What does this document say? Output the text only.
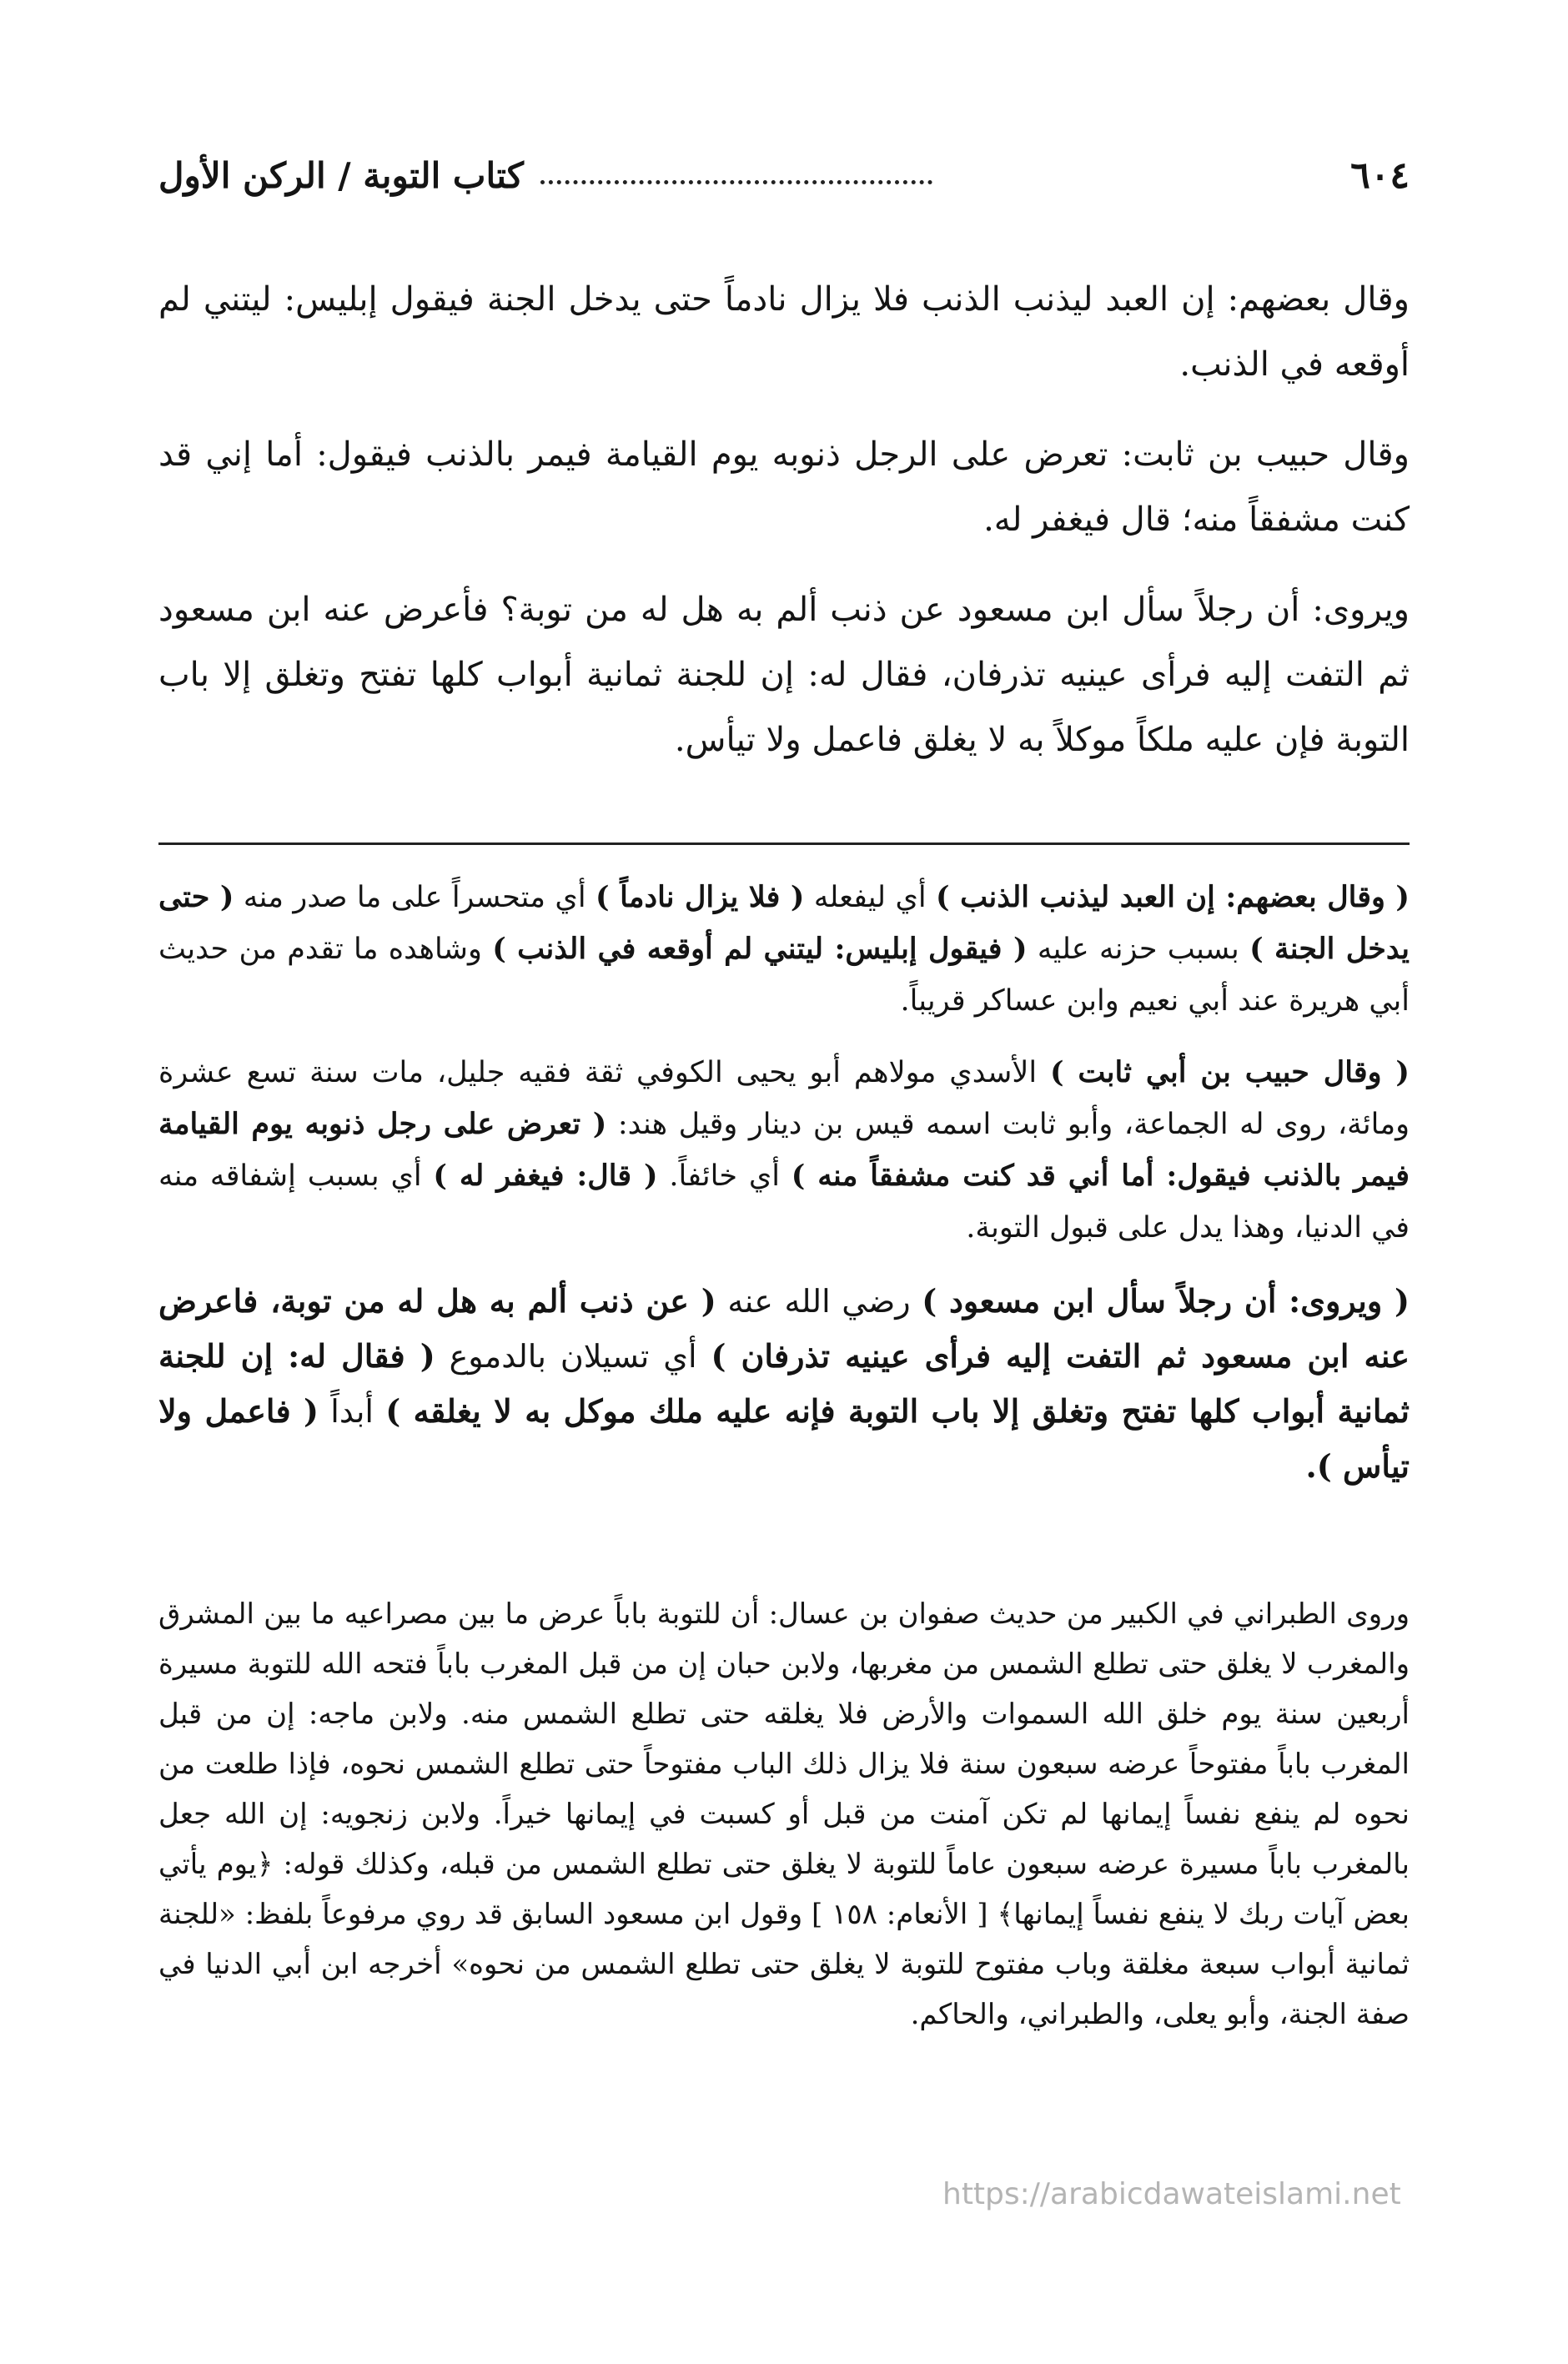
٦٠٤
كتاب التوبة / الركن الأول

وقال بعضهم: إن العبد ليذنب الذنب فلا يزال نادماً حتى يدخل الجنة فيقول إبليس: ليتني لم أوقعه في الذنب.

وقال حبيب بن ثابت: تعرض على الرجل ذنوبه يوم القيامة فيمر بالذنب فيقول: أما إني قد كنت مشفقاً منه؛ قال فيغفر له.

ويروى: أن رجلاً سأل ابن مسعود عن ذنب ألم به هل له من توبة؟ فأعرض عنه ابن مسعود ثم التفت إليه فرأى عينيه تذرفان، فقال له: إن للجنة ثمانية أبواب كلها تفتح وتغلق إلا باب التوبة فإن عليه ملكاً موكلاً به لا يغلق فاعمل ولا تيأس.

( وقال بعضهم: إن العبد ليذنب الذنب ) أي ليفعله ( فلا يزال نادماً ) أي متحسراً على ما صدر منه ( حتى يدخل الجنة ) بسبب حزنه عليه ( فيقول إبليس: ليتني لم أوقعه في الذنب ) وشاهده ما تقدم من حديث أبي هريرة عند أبي نعيم وابن عساكر قريباً.

( وقال حبيب بن أبي ثابت ) الأسدي مولاهم أبو يحيى الكوفي ثقة فقيه جليل، مات سنة تسع عشرة ومائة، روى له الجماعة، وأبو ثابت اسمه قيس بن دينار وقيل هند: ( تعرض على رجل ذنوبه يوم القيامة فيمر بالذنب فيقول: أما أني قد كنت مشفقاً منه ) أي خائفاً. ( قال: فيغفر له ) أي بسبب إشفاقه منه في الدنيا، وهذا يدل على قبول التوبة.

( ويروى: أن رجلاً سأل ابن مسعود ) رضي الله عنه ( عن ذنب ألم به هل له من توبة، فاعرض عنه ابن مسعود ثم التفت إليه فرأى عينيه تذرفان ) أي تسيلان بالدموع ( فقال له: إن للجنة ثمانية أبواب كلها تفتح وتغلق إلا باب التوبة فإنه عليه ملك موكل به لا يغلقه ) أبداً ( فاعمل ولا تيأس ).

وروى الطبراني في الكبير من حديث صفوان بن عسال: أن للتوبة باباً عرض ما بين مصراعيه ما بين المشرق والمغرب لا يغلق حتى تطلع الشمس من مغربها، ولابن حبان إن من قبل المغرب باباً فتحه الله للتوبة مسيرة أربعين سنة يوم خلق الله السموات والأرض فلا يغلقه حتى تطلع الشمس منه. ولابن ماجه: إن من قبل المغرب باباً مفتوحاً عرضه سبعون سنة فلا يزال ذلك الباب مفتوحاً حتى تطلع الشمس نحوه، فإذا طلعت من نحوه لم ينفع نفساً إيمانها لم تكن آمنت من قبل أو كسبت في إيمانها خيراً. ولابن زنجويه: إن الله جعل بالمغرب باباً مسيرة عرضه سبعون عاماً للتوبة لا يغلق حتى تطلع الشمس من قبله، وكذلك قوله: ﴿يوم يأتي بعض آيات ربك لا ينفع نفساً إيمانها﴾ [ الأنعام: ١٥٨ ] وقول ابن مسعود السابق قد روي مرفوعاً بلفظ: «للجنة ثمانية أبواب سبعة مغلقة وباب مفتوح للتوبة لا يغلق حتى تطلع الشمس من نحوه» أخرجه ابن أبي الدنيا في صفة الجنة، وأبو يعلى، والطبراني، والحاكم.

https://arabicdawateislami.net
